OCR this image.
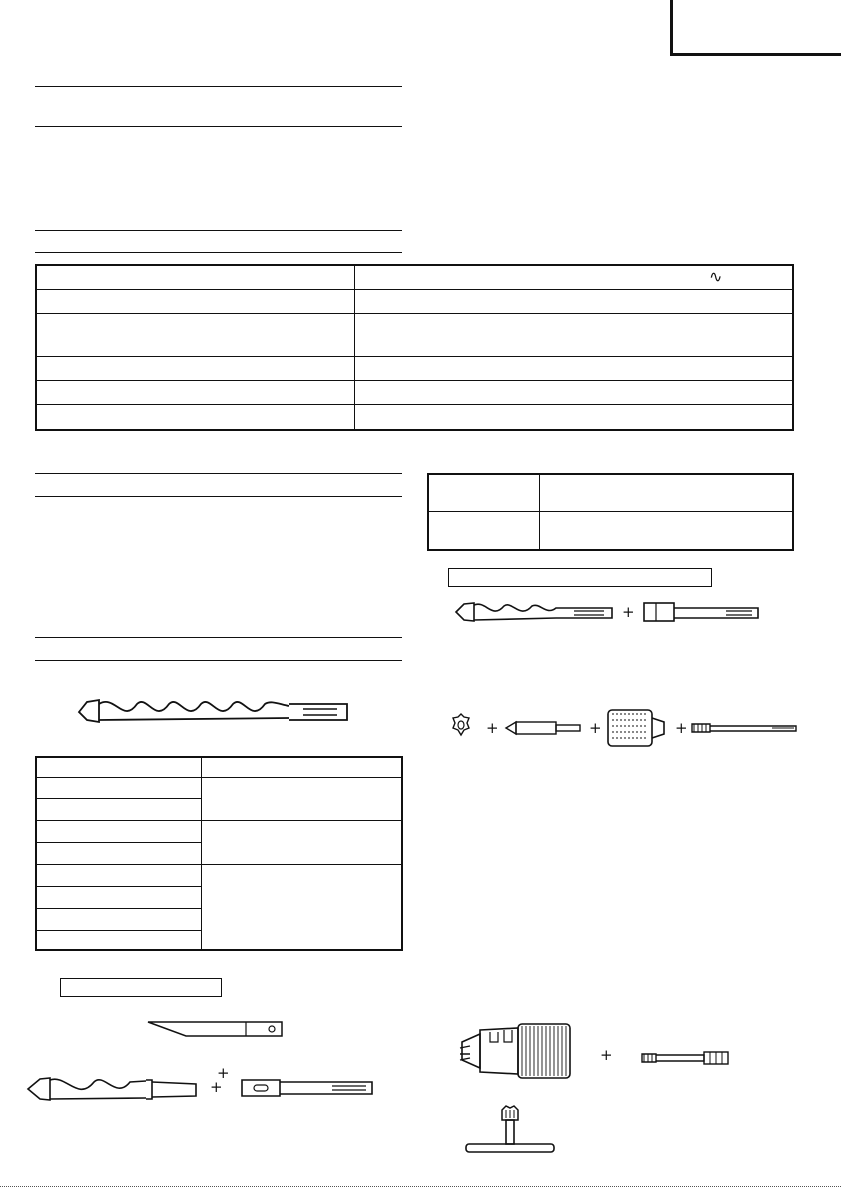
∿
+
+	+	+
+
+
+
